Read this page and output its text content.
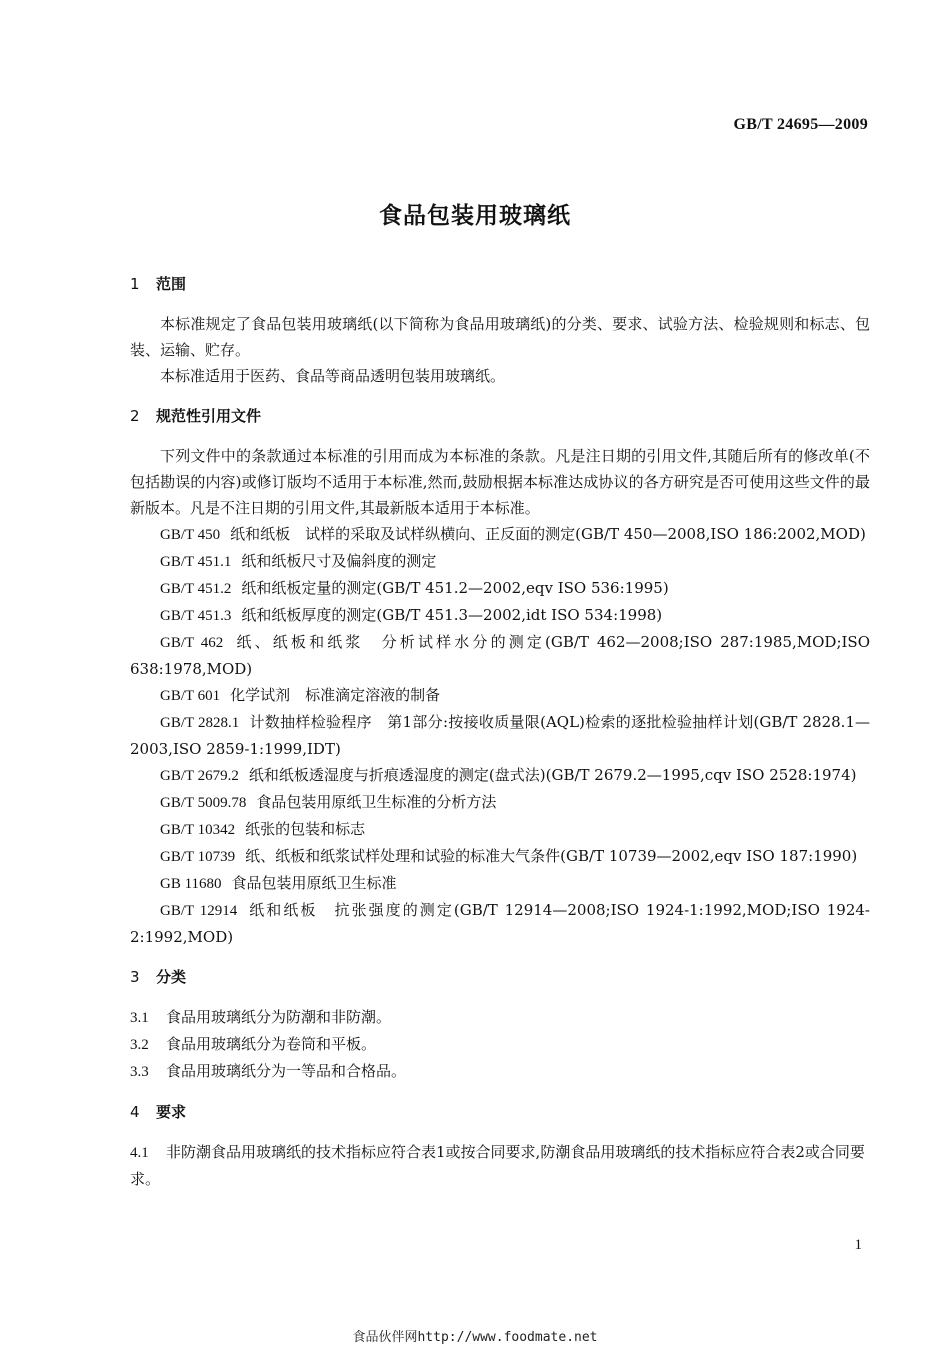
GB/T 24695—2009
食品包装用玻璃纸
1 范围

本标准规定了食品包装用玻璃纸(以下简称为食品用玻璃纸)的分类、要求、试验方法、检验规则和标志、包装、运输、贮存。

本标准适用于医药、食品等商品透明包装用玻璃纸。

2 规范性引用文件

下列文件中的条款通过本标准的引用而成为本标准的条款。凡是注日期的引用文件,其随后所有的修改单(不包括勘误的内容)或修订版均不适用于本标准,然而,鼓励根据本标准达成协议的各方研究是否可使用这些文件的最新版本。凡是不注日期的引用文件,其最新版本适用于本标准。

GB/T 450 纸和纸板　试样的采取及试样纵横向、正反面的测定(GB/T 450—2008,ISO 186:2002,MOD)

GB/T 451.1 纸和纸板尺寸及偏斜度的测定

GB/T 451.2 纸和纸板定量的测定(GB/T 451.2—2002,eqv ISO 536:1995)

GB/T 451.3 纸和纸板厚度的测定(GB/T 451.3—2002,idt ISO 534:1998)

GB/T 462 纸、纸板和纸浆　分析试样水分的测定(GB/T 462—2008;ISO 287:1985,MOD;ISO 638:1978,MOD)

GB/T 601 化学试剂　标准滴定溶液的制备

GB/T 2828.1 计数抽样检验程序　第1部分:按接收质量限(AQL)检索的逐批检验抽样计划(GB/T 2828.1—2003,ISO 2859-1:1999,IDT)

GB/T 2679.2 纸和纸板透湿度与折痕透湿度的测定(盘式法)(GB/T 2679.2—1995,cqv ISO 2528:1974)

GB/T 5009.78 食品包装用原纸卫生标准的分析方法

GB/T 10342 纸张的包装和标志

GB/T 10739 纸、纸板和纸浆试样处理和试验的标准大气条件(GB/T 10739—2002,eqv ISO 187:1990)

GB 11680 食品包装用原纸卫生标准

GB/T 12914 纸和纸板　抗张强度的测定(GB/T 12914—2008;ISO 1924-1:1992,MOD;ISO 1924-2:1992,MOD)

3 分类

3.1 食品用玻璃纸分为防潮和非防潮。

3.2 食品用玻璃纸分为卷筒和平板。

3.3 食品用玻璃纸分为一等品和合格品。

4 要求

4.1 非防潮食品用玻璃纸的技术指标应符合表1或按合同要求,防潮食品用玻璃纸的技术指标应符合表2或合同要求。

1
食品伙伴网http://www.foodmate.net
